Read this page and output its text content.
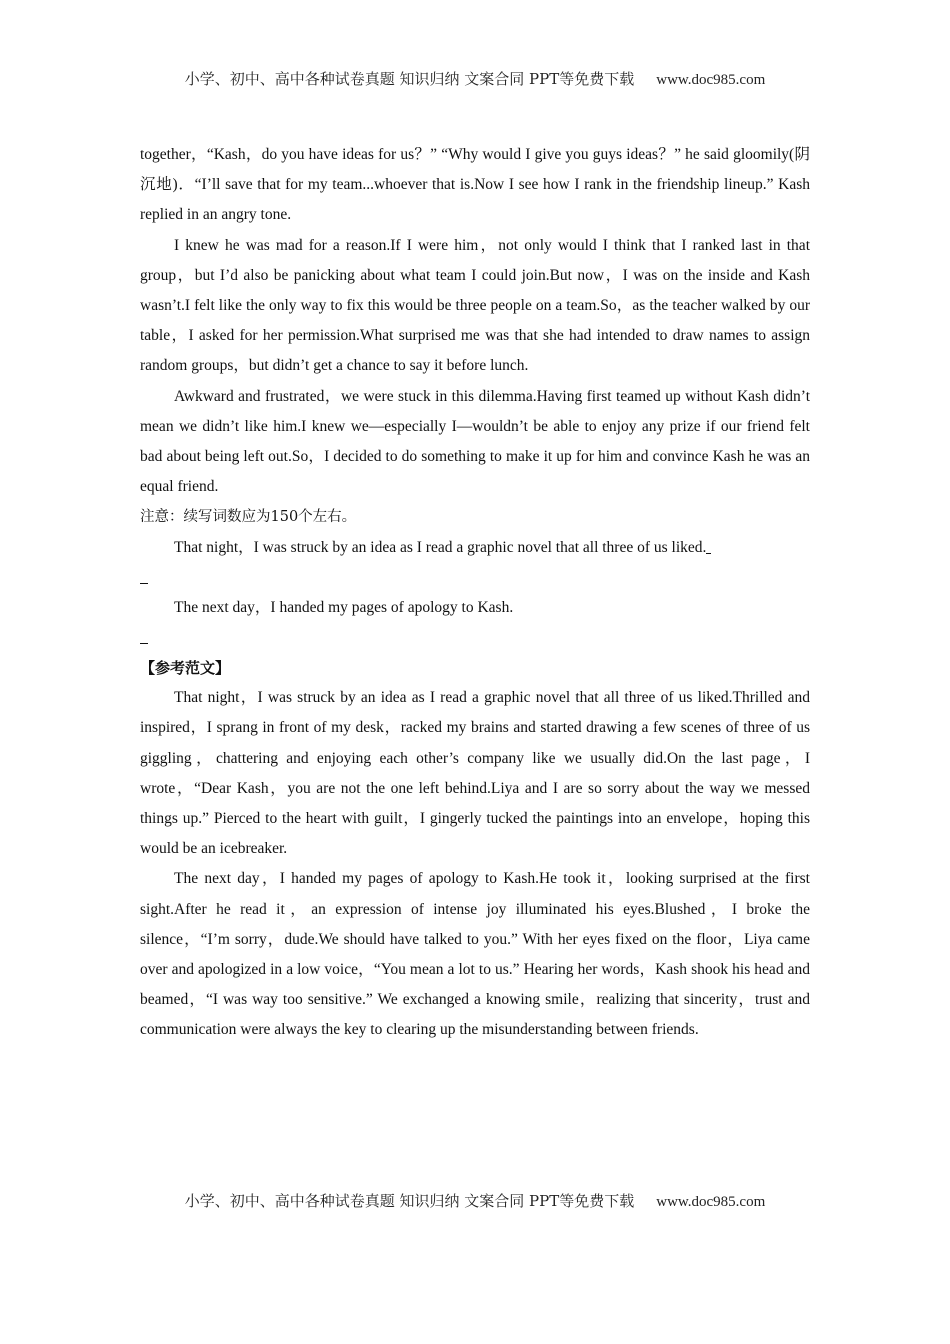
小学、初中、高中各种试卷真题 知识归纳 文案合同 PPT等免费下载 www.doc985.com

together，“Kash，do you have ideas for us？” “Why would I give you guys ideas？” he said gloomily(阴沉地)．“I’ll save that for my team...whoever that is.Now I see how I rank in the friendship lineup.” Kash replied in an angry tone.

I knew he was mad for a reason.If I were him，not only would I think that I ranked last in that group，but I’d also be panicking about what team I could join.But now，I was on the inside and Kash wasn’t.I felt like the only way to fix this would be three people on a team.So，as the teacher walked by our table，I asked for her permission.What surprised me was that she had intended to draw names to assign random groups，but didn’t get a chance to say it before lunch.

Awkward and frustrated，we were stuck in this dilemma.Having first teamed up without Kash didn’t mean we didn’t like him.I knew we—especially I—wouldn’t be able to enjoy any prize if our friend felt bad about being left out.So，I decided to do something to make it up for him and convince Kash he was an equal friend.

注意：续写词数应为150个左右。

That night，I was struck by an idea as I read a graphic novel that all three of us liked.

The next day，I handed my pages of apology to Kash.

【参考范文】

That night，I was struck by an idea as I read a graphic novel that all three of us liked.Thrilled and inspired，I sprang in front of my desk，racked my brains and started drawing a few scenes of three of us giggling，chattering and enjoying each other’s company like we usually did.On the last page，I wrote，“Dear Kash，you are not the one left behind.Liya and I are so sorry about the way we messed things up.” Pierced to the heart with guilt，I gingerly tucked the paintings into an envelope，hoping this would be an icebreaker.

The next day，I handed my pages of apology to Kash.He took it，looking surprised at the first sight.After he read it，an expression of intense joy illuminated his eyes.Blushed，I broke the silence，“I’m sorry，dude.We should have talked to you.” With her eyes fixed on the floor，Liya came over and apologized in a low voice，“You mean a lot to us.” Hearing her words，Kash shook his head and beamed，“I was way too sensitive.” We exchanged a knowing smile，realizing that sincerity，trust and communication were always the key to clearing up the misunderstanding between friends.

小学、初中、高中各种试卷真题 知识归纳 文案合同 PPT等免费下载 www.doc985.com
